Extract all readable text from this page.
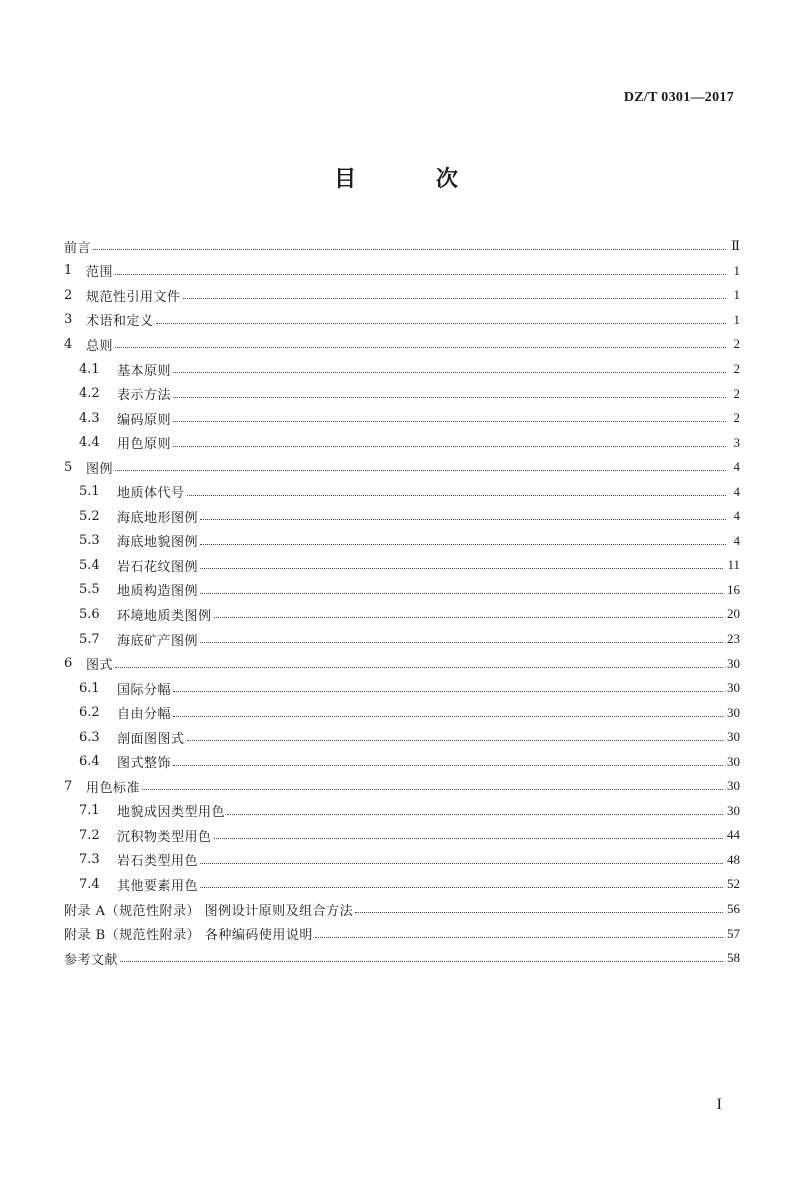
DZ/T 0301—2017
目 次
前言	Ⅱ
1	范围	1
2	规范性引用文件	1
3	术语和定义	1
4	总则	2
4.1	基本原则	2
4.2	表示方法	2
4.3	编码原则	2
4.4	用色原则	3
5	图例	4
5.1	地质体代号	4
5.2	海底地形图例	4
5.3	海底地貌图例	4
5.4	岩石花纹图例	11
5.5	地质构造图例	16
5.6	环境地质类图例	20
5.7	海底矿产图例	23
6	图式	30
6.1	国际分幅	30
6.2	自由分幅	30
6.3	剖面图图式	30
6.4	图式整饰	30
7	用色标准	30
7.1	地貌成因类型用色	30
7.2	沉积物类型用色	44
7.3	岩石类型用色	48
7.4	其他要素用色	52
附录 A（规范性附录） 图例设计原则及组合方法	56
附录 B（规范性附录） 各种编码使用说明	57
参考文献	58
I
